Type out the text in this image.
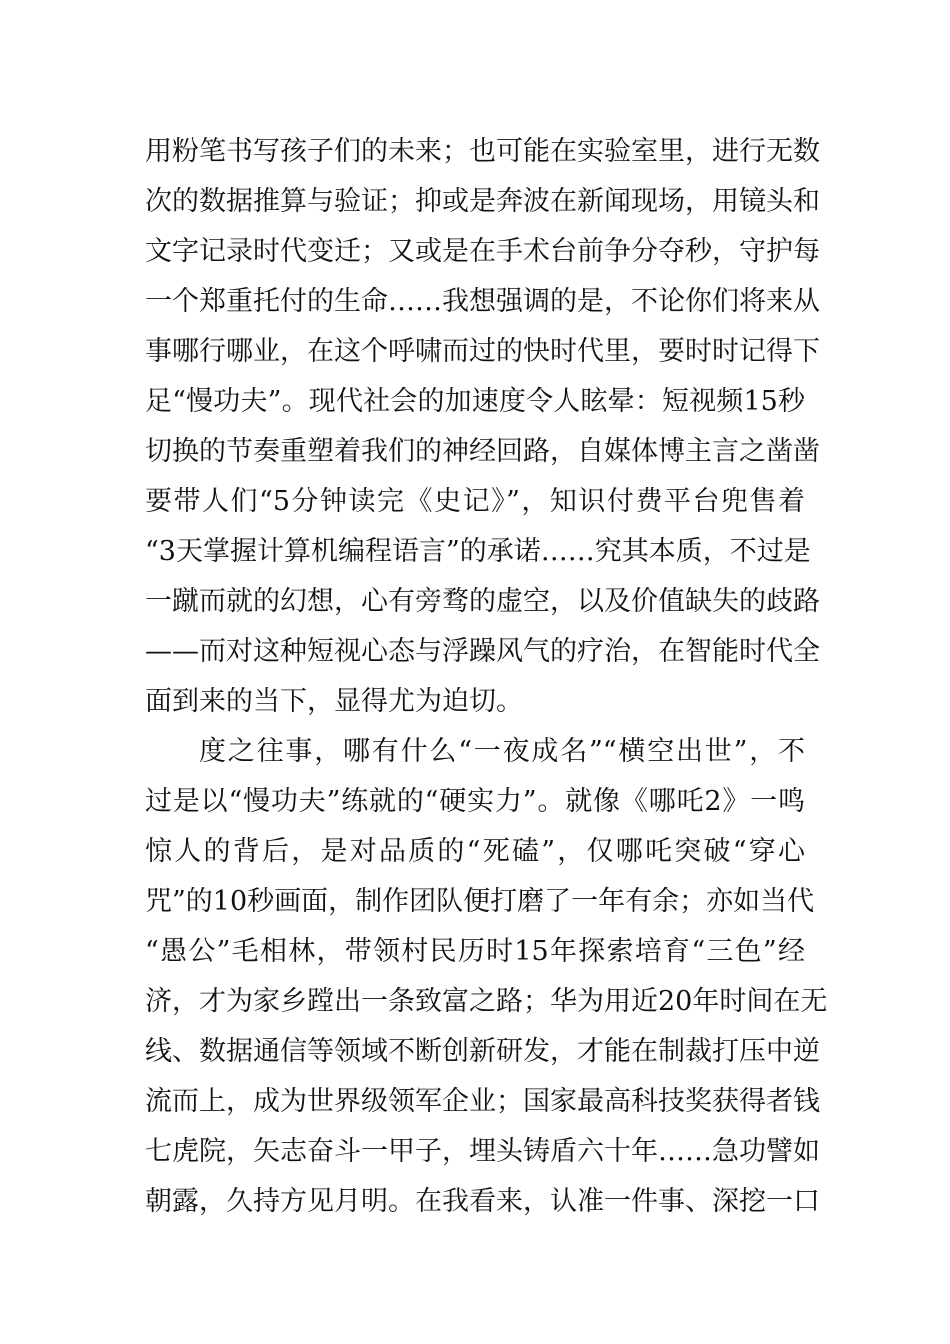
用粉笔书写孩子们的未来；也可能在实验室里，进行无数
次的数据推算与验证；抑或是奔波在新闻现场，用镜头和
文字记录时代变迁；又或是在手术台前争分夺秒，守护每
一个郑重托付的生命……我想强调的是，不论你们将来从
事哪行哪业，在这个呼啸而过的快时代里，要时时记得下
足“慢功夫”。现代社会的加速度令人眩晕：短视频15秒
切换的节奏重塑着我们的神经回路，自媒体博主言之凿凿
要带人们“5分钟读完《史记》”，知识付费平台兜售着
“3天掌握计算机编程语言”的承诺……究其本质，不过是
一蹴而就的幻想，心有旁骛的虚空，以及价值缺失的歧路
——而对这种短视心态与浮躁风气的疗治，在智能时代全
面到来的当下，显得尤为迫切。
度之往事，哪有什么“一夜成名”“横空出世”，不
过是以“慢功夫”练就的“硬实力”。就像《哪吒2》一鸣
惊人的背后，是对品质的“死磕”，仅哪吒突破“穿心
咒”的10秒画面，制作团队便打磨了一年有余；亦如当代
“愚公”毛相林，带领村民历时15年探索培育“三色”经
济，才为家乡蹚出一条致富之路；华为用近20年时间在无
线、数据通信等领域不断创新研发，才能在制裁打压中逆
流而上，成为世界级领军企业；国家最高科技奖获得者钱
七虎院，矢志奋斗一甲子，埋头铸盾六十年……急功譬如
朝露，久持方见月明。在我看来，认准一件事、深挖一口
